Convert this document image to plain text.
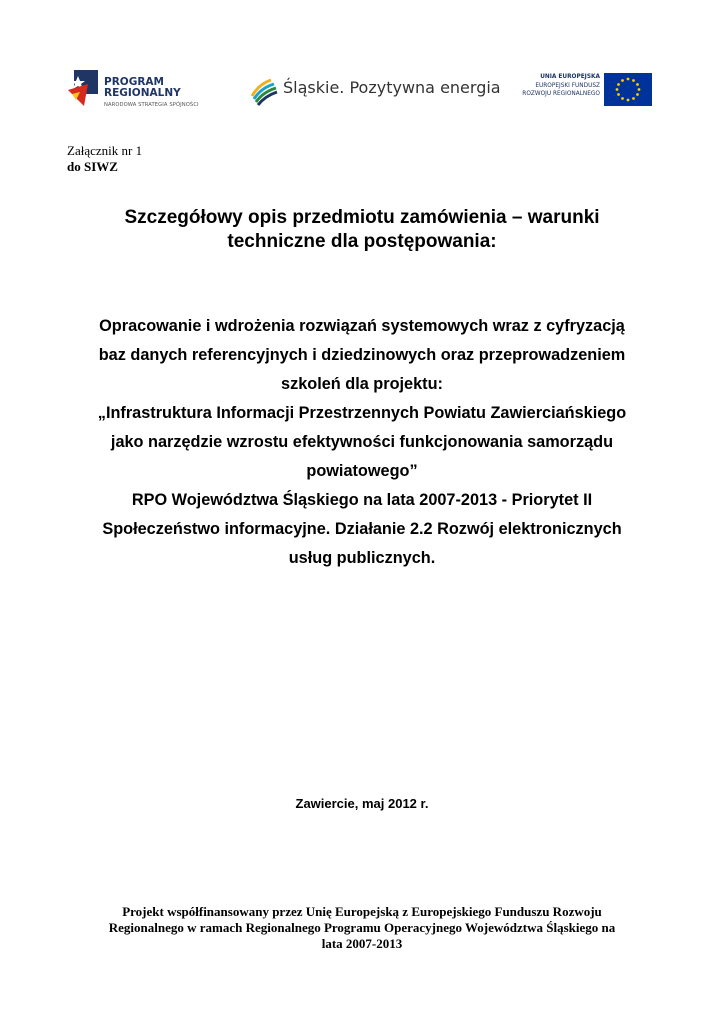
PROGRAM
REGIONALNY
NARODOWA STRATEGIA SPÓJNOŚCI
Śląskie. Pozytywna energia
UNIA EUROPEJSKA
EUROPEJSKI FUNDUSZ
ROZWOJU REGIONALNEGO
Załącznik nr 1
do SIWZ
Szczegółowy opis przedmiotu zamówienia – warunki
techniczne dla postępowania:
Opracowanie i wdrożenia rozwiązań systemowych wraz z cyfryzacją
baz danych referencyjnych i dziedzinowych oraz przeprowadzeniem
szkoleń dla projektu:
„Infrastruktura Informacji Przestrzennych Powiatu Zawierciańskiego
jako narzędzie wzrostu efektywności funkcjonowania samorządu
powiatowego”
RPO Województwa Śląskiego na lata 2007-2013 - Priorytet II
Społeczeństwo informacyjne. Działanie 2.2 Rozwój elektronicznych
usług publicznych.
Zawiercie, maj 2012 r.
Projekt współfinansowany przez Unię Europejską z Europejskiego Funduszu Rozwoju
Regionalnego w ramach Regionalnego Programu Operacyjnego Województwa Śląskiego na
lata 2007-2013
